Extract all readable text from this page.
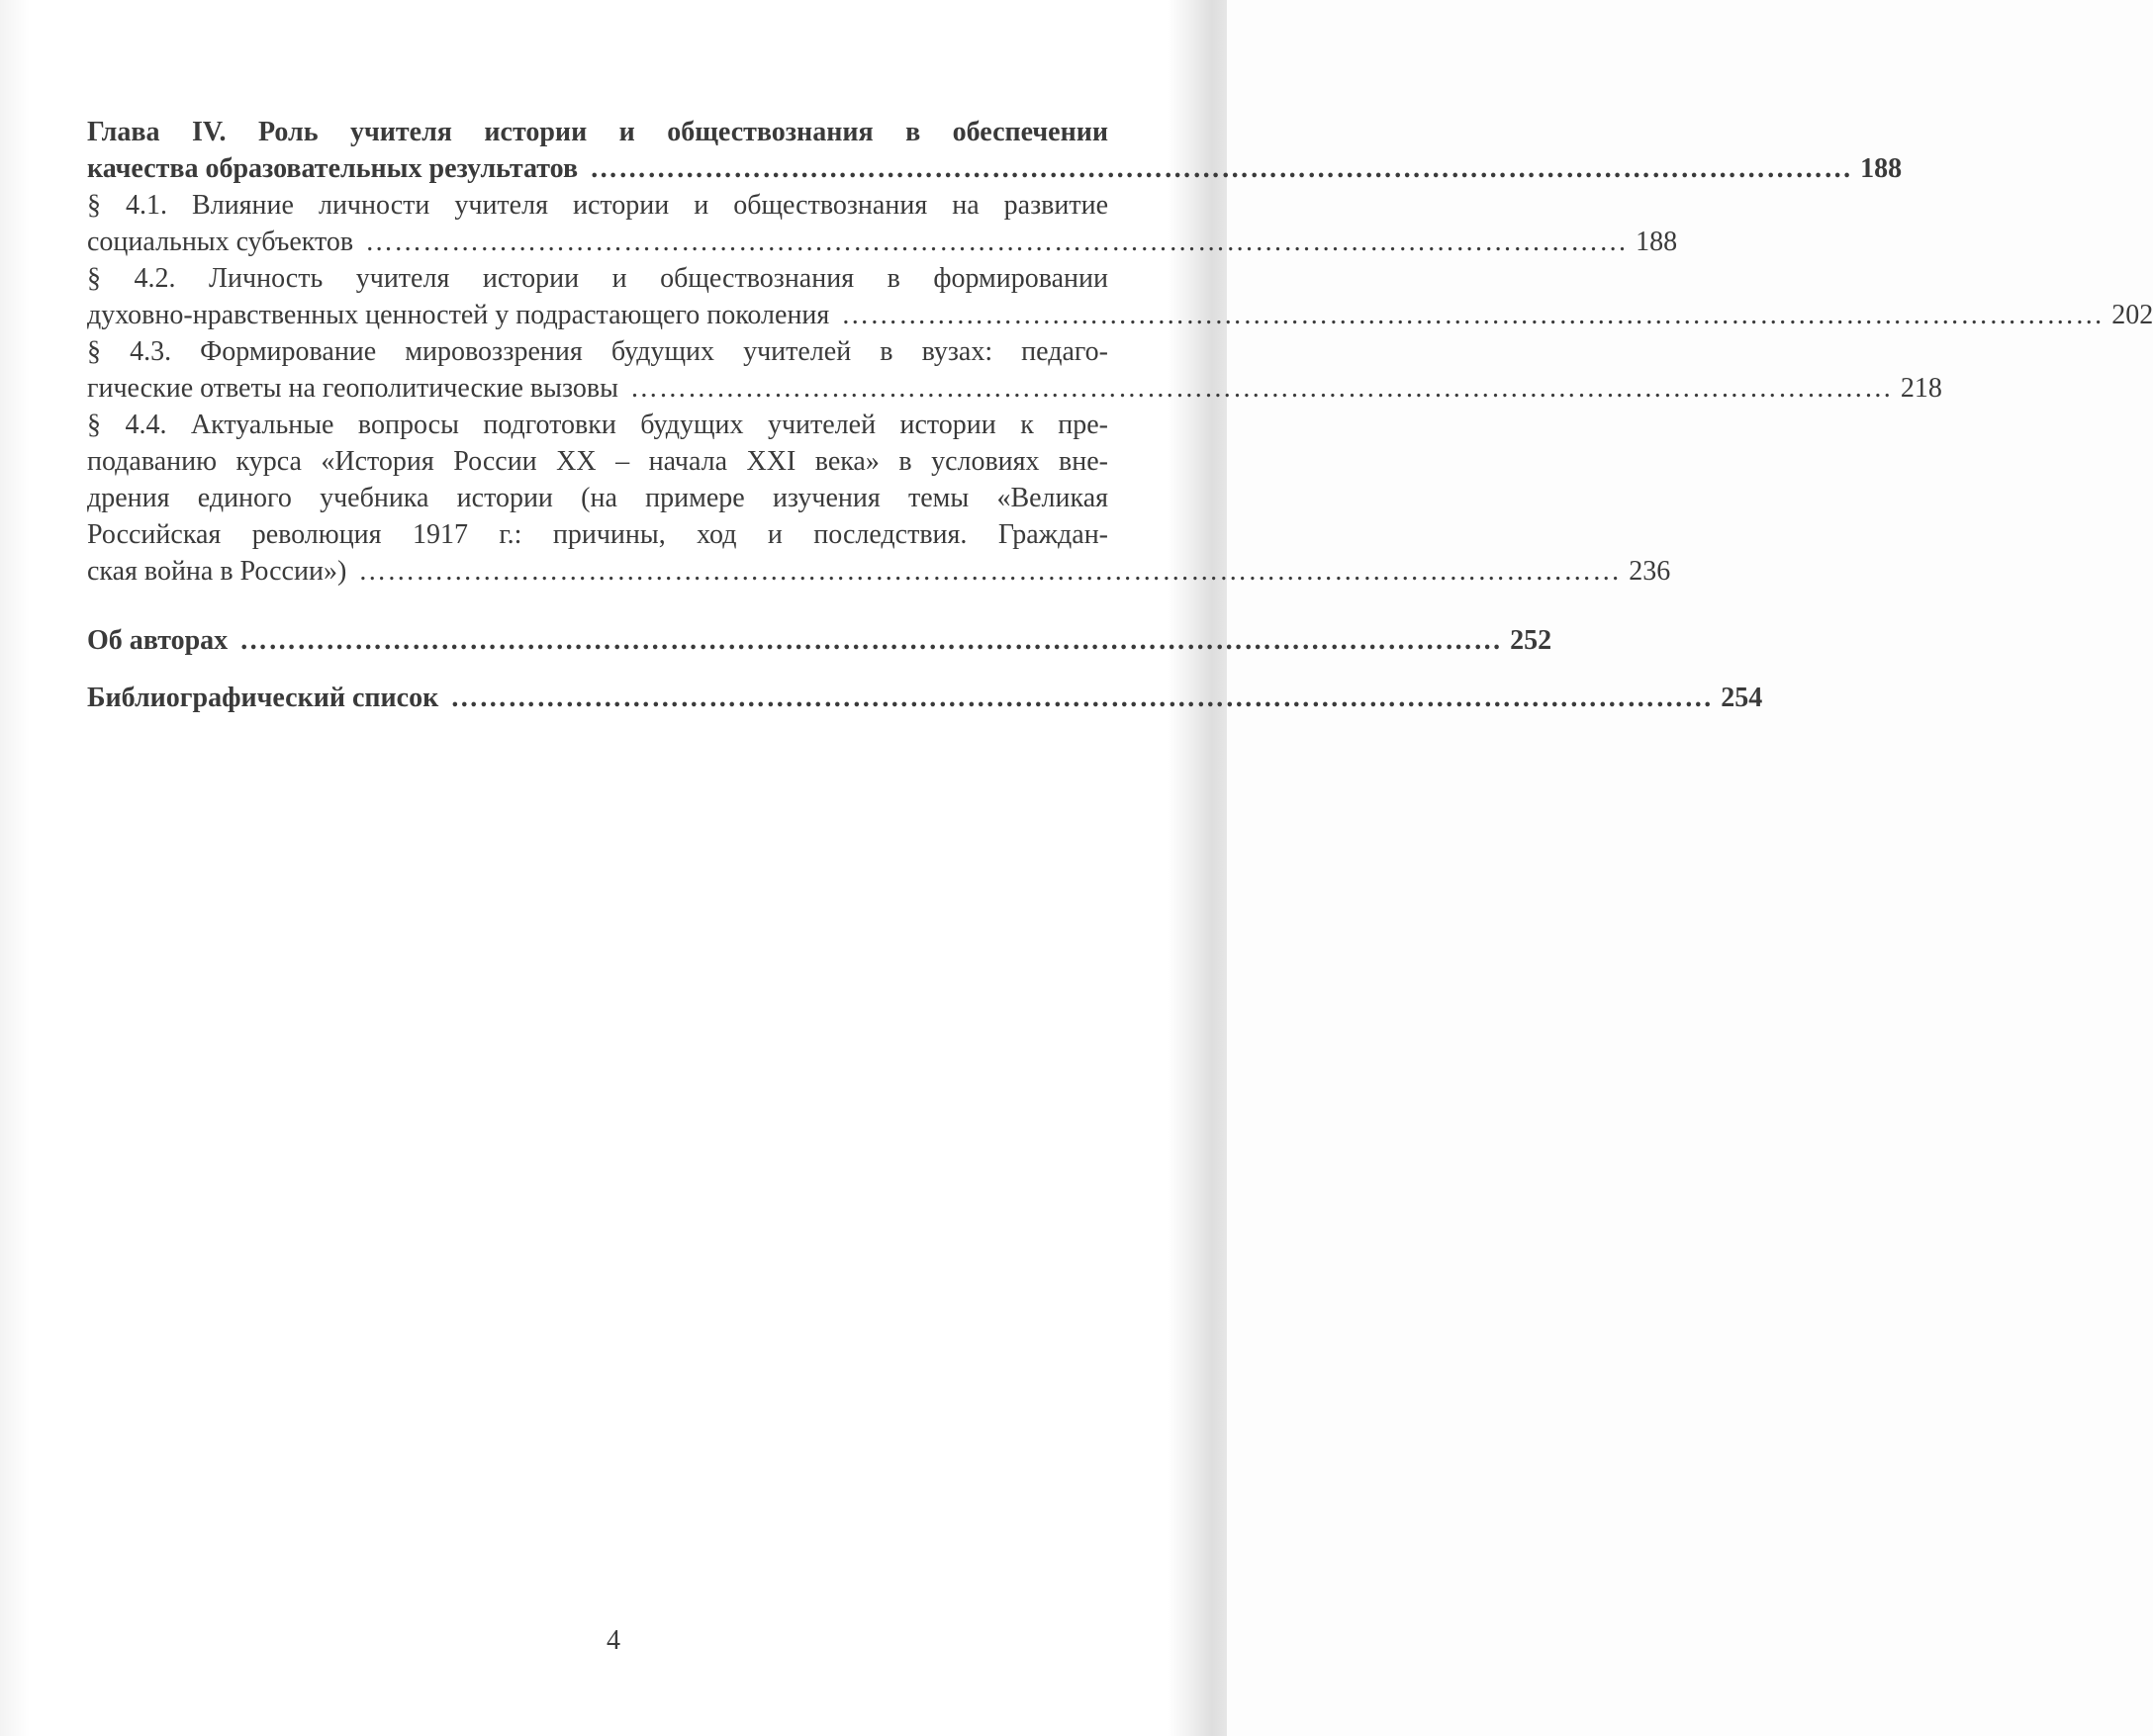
Глава IV. Роль учителя истории и обществознания в обеспечении
качества образовательных результатов …………………………………………………………………………………………………………………… 188
§ 4.1. Влияние личности учителя истории и обществознания на развитие
социальных субъектов …………………………………………………………………………………………………………………… 188
§ 4.2. Личность учителя истории и обществознания в формировании
духовно-нравственных ценностей у подрастающего поколения …………………………………………………………………………………………………………………… 202
§ 4.3. Формирование мировоззрения будущих учителей в вузах: педаго-
гические ответы на геополитические вызовы …………………………………………………………………………………………………………………… 218
§ 4.4. Актуальные вопросы подготовки будущих учителей истории к пре-
подаванию курса «История России XX – начала XXI века» в условиях вне-
дрения единого учебника истории (на примере изучения темы «Великая
Российская революция 1917 г.: причины, ход и последствия. Граждан-
ская война в России») …………………………………………………………………………………………………………………… 236
Об авторах …………………………………………………………………………………………………………………… 252
Библиографический список …………………………………………………………………………………………………………………… 254
4
